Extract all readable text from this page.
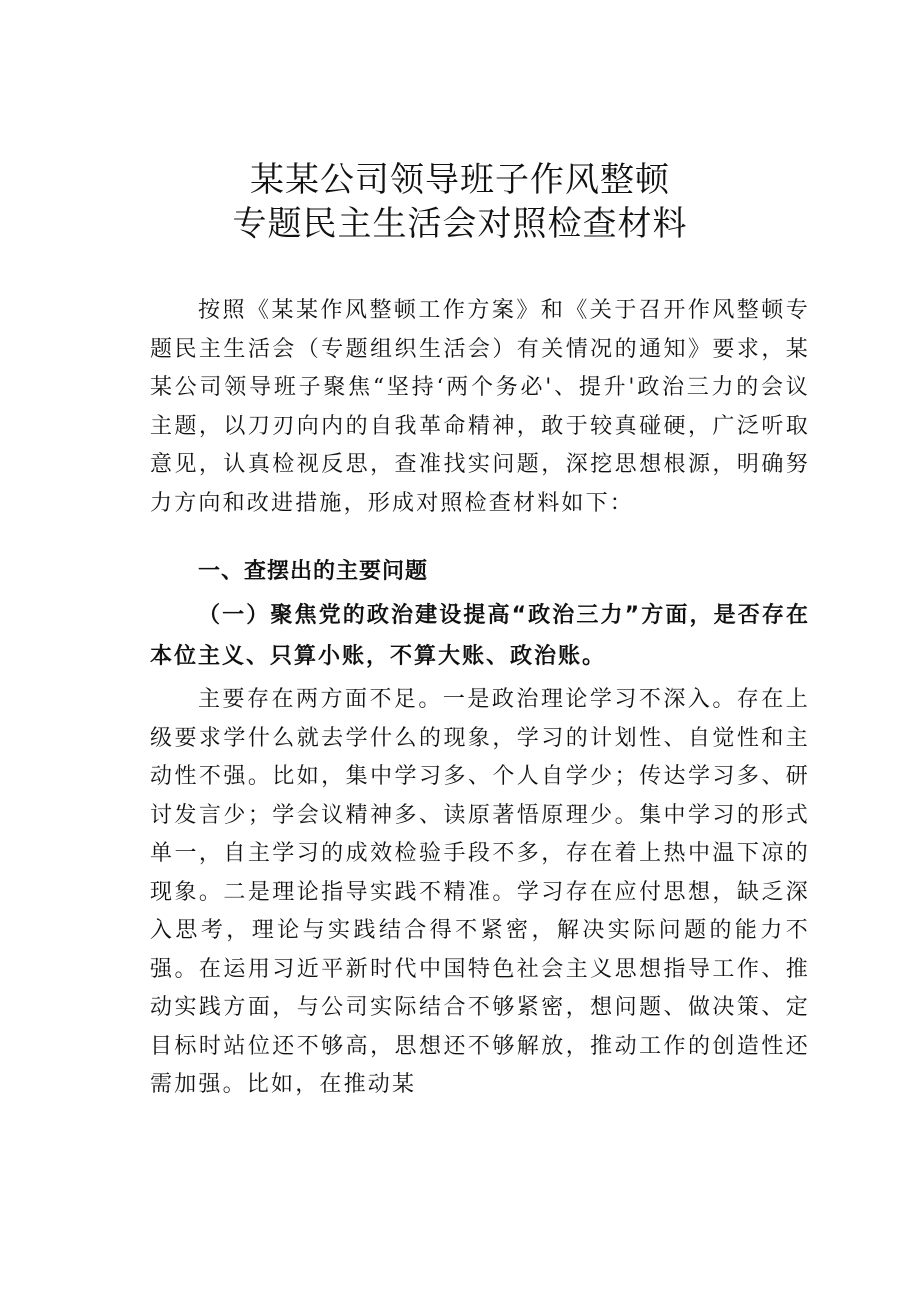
某某公司领导班子作风整顿
专题民主生活会对照检查材料

按照《某某作风整顿工作方案》和《关于召开作风整顿专题民主生活会（专题组织生活会）有关情况的通知》要求，某某公司领导班子聚焦“坚持‘两个务必'、提升'政治三力的会议主题，以刀刃向内的自我革命精神，敢于较真碰硬，广泛听取意见，认真检视反思，查准找实问题，深挖思想根源，明确努力方向和改进措施，形成对照检查材料如下：

一、查摆出的主要问题
（一）聚焦党的政治建设提高“政治三力”方面，是否存在本位主义、只算小账，不算大账、政治账。

主要存在两方面不足。一是政治理论学习不深入。存在上级要求学什么就去学什么的现象，学习的计划性、自觉性和主动性不强。比如，集中学习多、个人自学少；传达学习多、研讨发言少；学会议精神多、读原著悟原理少。集中学习的形式单一，自主学习的成效检验手段不多，存在着上热中温下凉的现象。二是理论指导实践不精准。学习存在应付思想，缺乏深入思考，理论与实践结合得不紧密，解决实际问题的能力不强。在运用习近平新时代中国特色社会主义思想指导工作、推动实践方面，与公司实际结合不够紧密，想问题、做决策、定目标时站位还不够高，思想还不够解放，推动工作的创造性还需加强。比如，在推动某
